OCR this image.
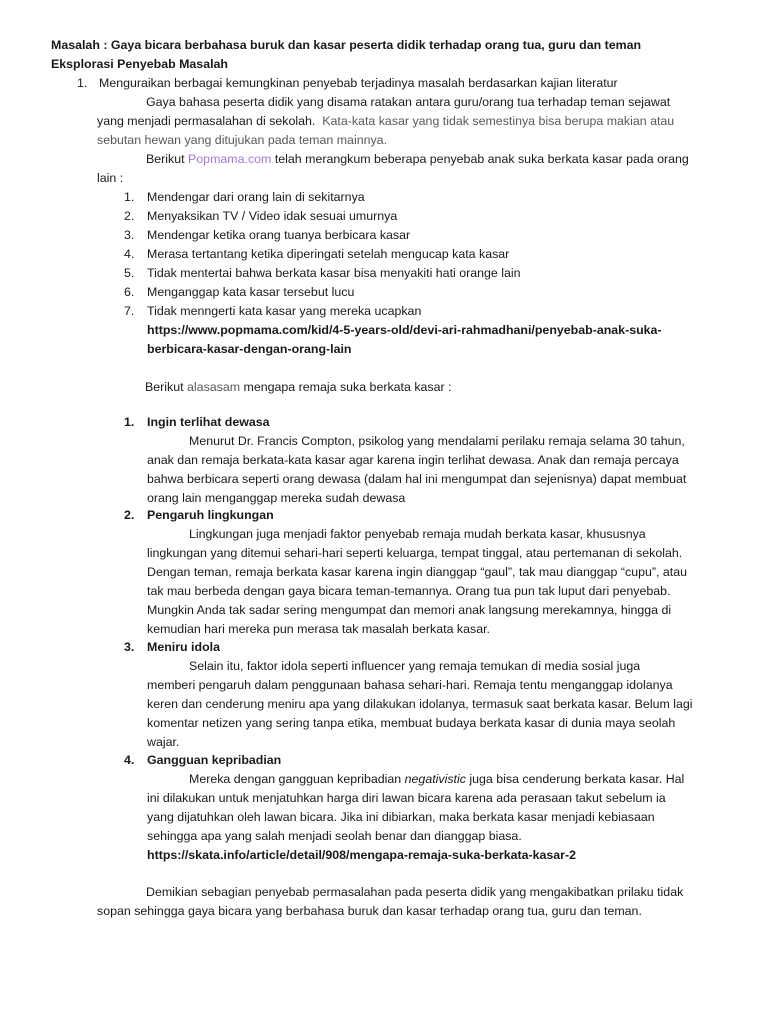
Masalah : Gaya bicara berbahasa buruk dan kasar peserta didik terhadap orang tua, guru dan teman
Eksplorasi Penyebab Masalah
1. Menguraikan berbagai kemungkinan penyebab terjadinya masalah berdasarkan kajian literatur
Gaya bahasa peserta didik yang disama ratakan antara guru/orang tua terhadap teman sejawat
yang menjadi permasalahan di sekolah. Kata-kata kasar yang tidak semestinya bisa berupa makian atau
sebutan hewan yang ditujukan pada teman mainnya.
Berikut Popmama.com telah merangkum beberapa penyebab anak suka berkata kasar pada orang
lain :
1. Mendengar dari orang lain di sekitarnya
2. Menyaksikan TV / Video idak sesuai umurnya
3. Mendengar ketika orang tuanya berbicara kasar
4. Merasa tertantang ketika diperingati setelah mengucap kata kasar
5. Tidak mentertai bahwa berkata kasar bisa menyakiti hati orange lain
6. Menganggap kata kasar tersebut lucu
7. Tidak menngerti kata kasar yang mereka ucapkan
https://www.popmama.com/kid/4-5-years-old/devi-ari-rahmadhani/penyebab-anak-suka-
berbicara-kasar-dengan-orang-lain
Berikut alasasam mengapa remaja suka berkata kasar :
1. Ingin terlihat dewasa
Menurut Dr. Francis Compton, psikolog yang mendalami perilaku remaja selama 30 tahun,
anak dan remaja berkata-kata kasar agar karena ingin terlihat dewasa. Anak dan remaja percaya
bahwa berbicara seperti orang dewasa (dalam hal ini mengumpat dan sejenisnya) dapat membuat
orang lain menganggap mereka sudah dewasa
2. Pengaruh lingkungan
Lingkungan juga menjadi faktor penyebab remaja mudah berkata kasar, khususnya
lingkungan yang ditemui sehari-hari seperti keluarga, tempat tinggal, atau pertemanan di sekolah.
Dengan teman, remaja berkata kasar karena ingin dianggap “gaul”, tak mau dianggap “cupu”, atau
tak mau berbeda dengan gaya bicara teman-temannya. Orang tua pun tak luput dari penyebab.
Mungkin Anda tak sadar sering mengumpat dan memori anak langsung merekamnya, hingga di
kemudian hari mereka pun merasa tak masalah berkata kasar.
3. Meniru idola
Selain itu, faktor idola seperti influencer yang remaja temukan di media sosial juga
memberi pengaruh dalam penggunaan bahasa sehari-hari. Remaja tentu menganggap idolanya
keren dan cenderung meniru apa yang dilakukan idolanya, termasuk saat berkata kasar. Belum lagi
komentar netizen yang sering tanpa etika, membuat budaya berkata kasar di dunia maya seolah
wajar.
4. Gangguan kepribadian
Mereka dengan gangguan kepribadian negativistic juga bisa cenderung berkata kasar. Hal
ini dilakukan untuk menjatuhkan harga diri lawan bicara karena ada perasaan takut sebelum ia
yang dijatuhkan oleh lawan bicara. Jika ini dibiarkan, maka berkata kasar menjadi kebiasaan
sehingga apa yang salah menjadi seolah benar dan dianggap biasa.
https://skata.info/article/detail/908/mengapa-remaja-suka-berkata-kasar-2
Demikian sebagian penyebab permasalahan pada peserta didik yang mengakibatkan prilaku tidak
sopan sehingga gaya bicara yang berbahasa buruk dan kasar terhadap orang tua, guru dan teman.
